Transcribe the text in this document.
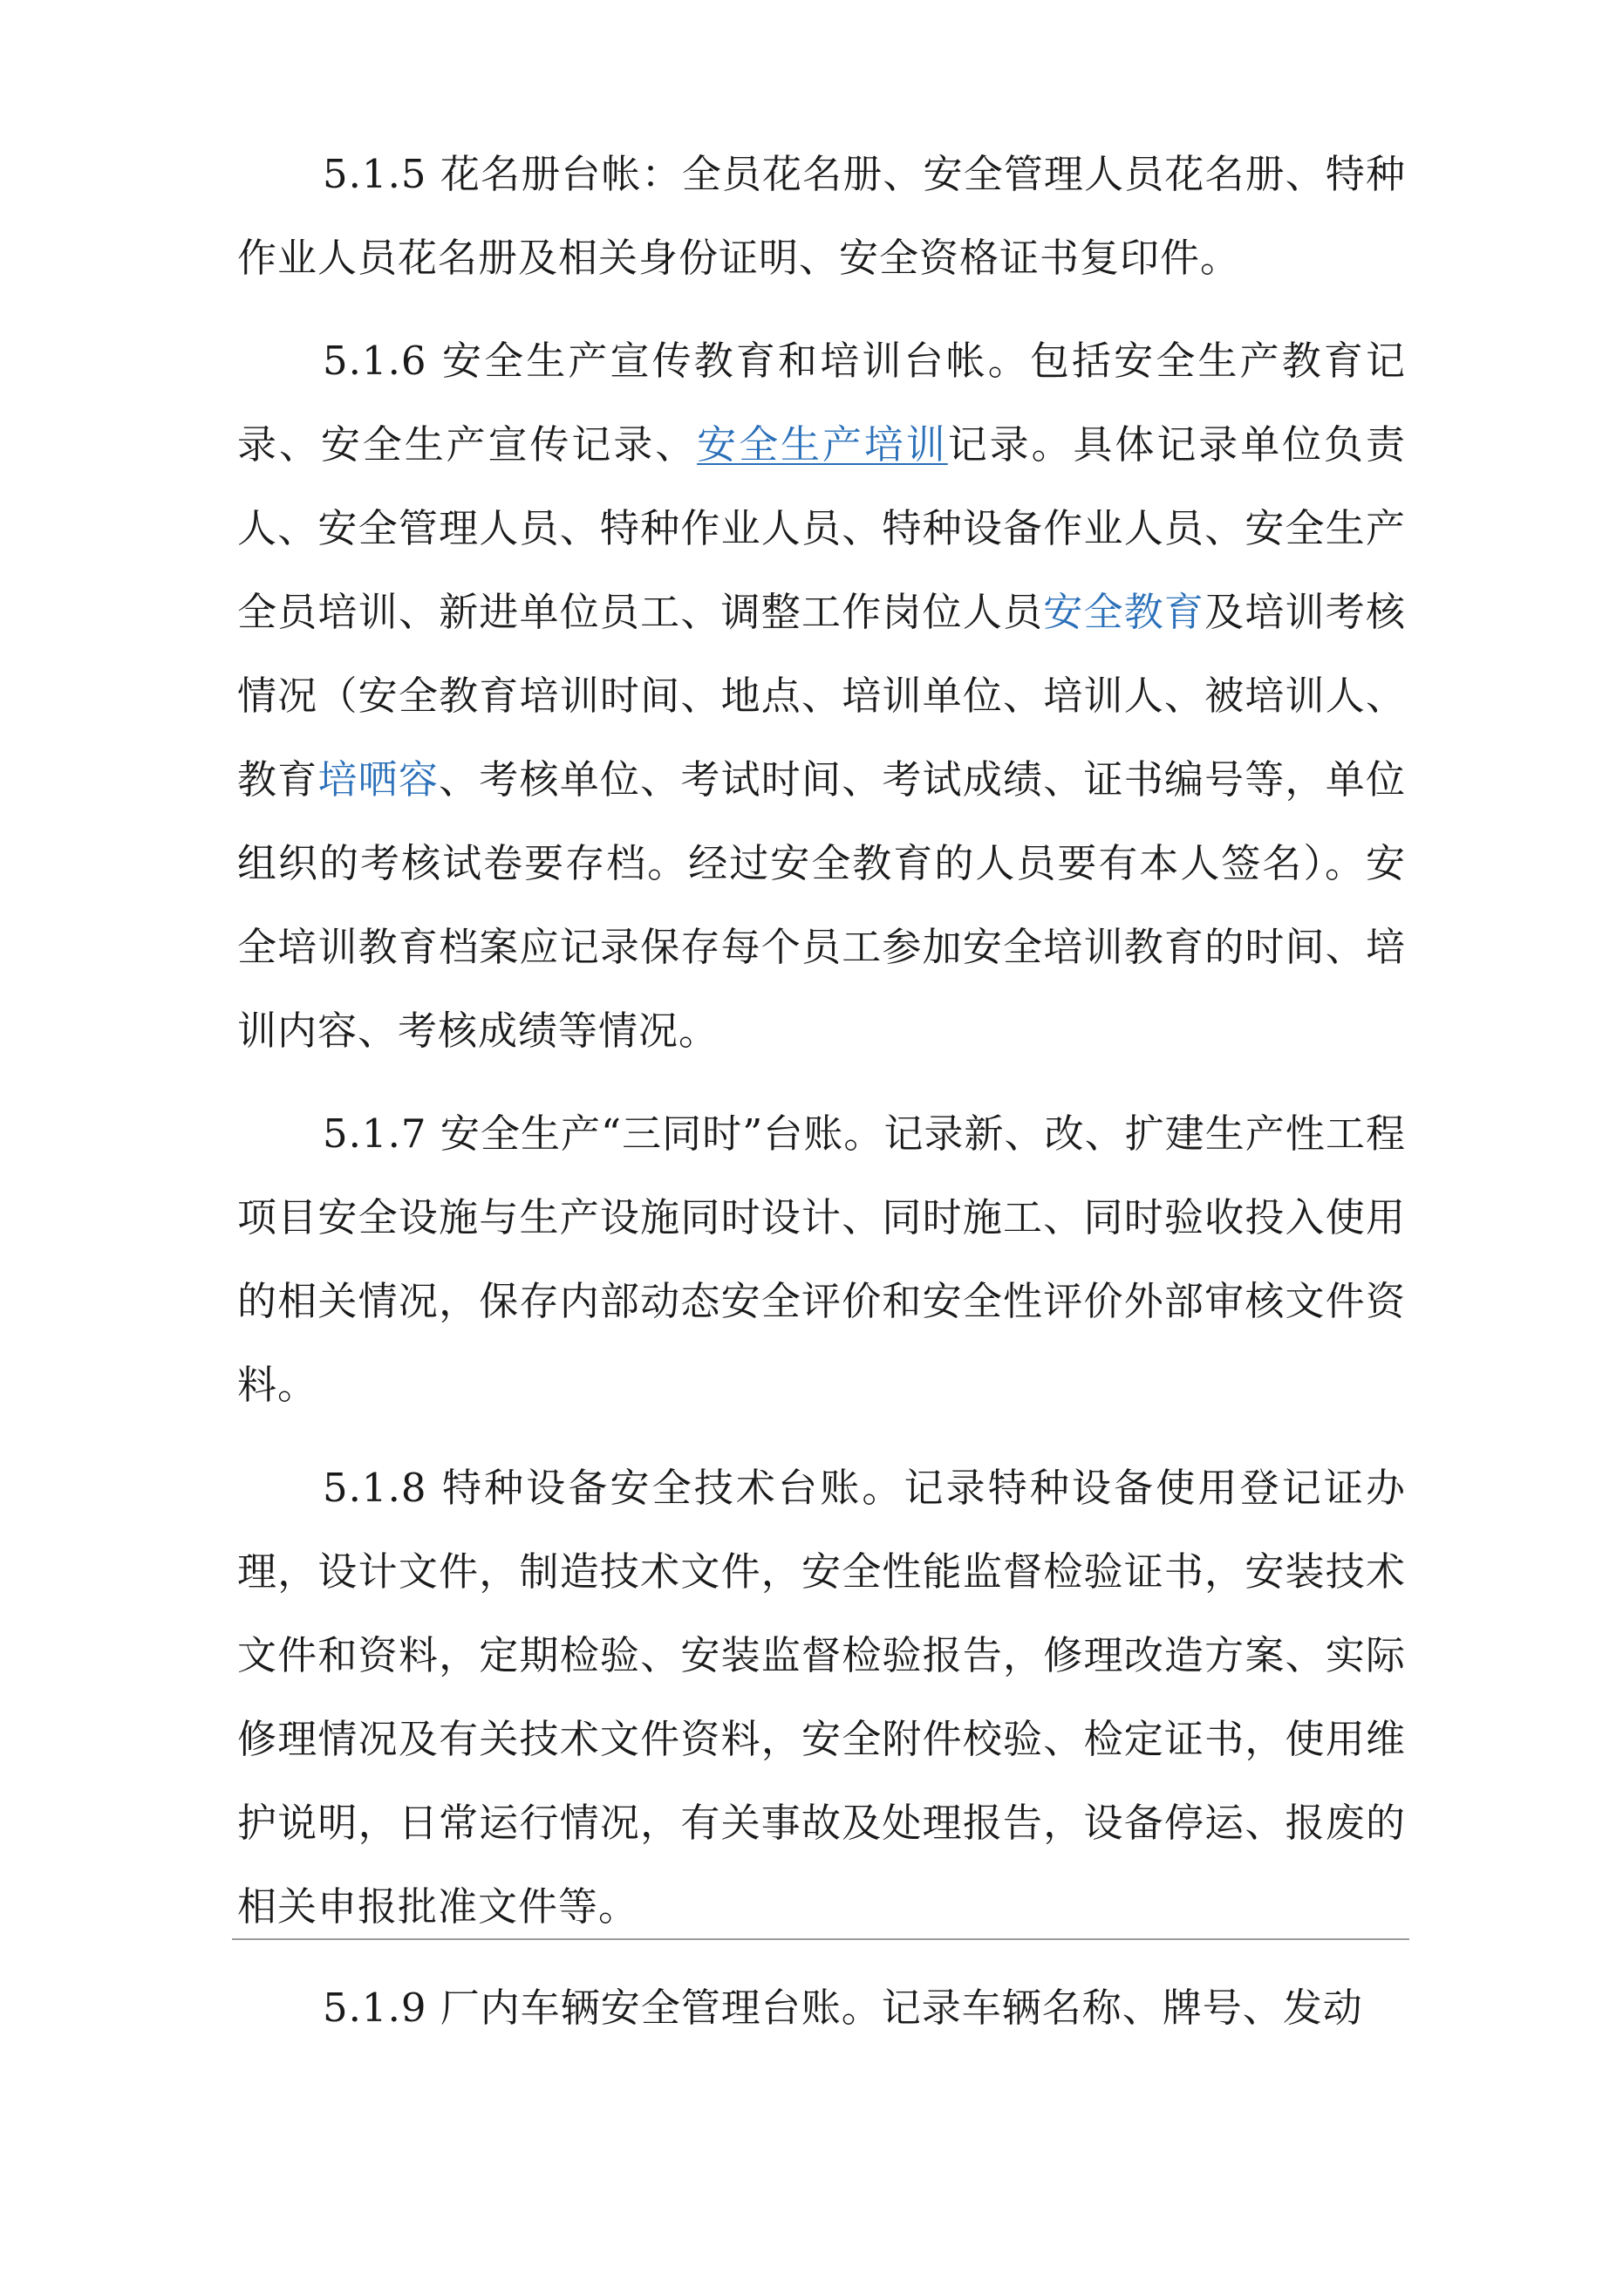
5.1.5 花名册台帐：全员花名册、安全管理人员花名册、特种作业人员花名册及相关身份证明、安全资格证书复印件。

5.1.6 安全生产宣传教育和培训台帐。包括安全生产教育记录、安全生产宣传记录、安全生产培训记录。具体记录单位负责人、安全管理人员、特种作业人员、特种设备作业人员、安全生产全员培训、新进单位员工、调整工作岗位人员安全教育及培训考核情况（安全教育培训时间、地点、培训单位、培训人、被培训人、教育培哂容、考核单位、考试时间、考试成绩、证书编号等，单位组织的考核试卷要存档。经过安全教育的人员要有本人签名）。安全培训教育档案应记录保存每个员工参加安全培训教育的时间、培训内容、考核成绩等情况。

5.1.7 安全生产“三同时”台账。记录新、改、扩建生产性工程项目安全设施与生产设施同时设计、同时施工、同时验收投入使用的相关情况，保存内部动态安全评价和安全性评价外部审核文件资料。

5.1.8 特种设备安全技术台账。记录特种设备使用登记证办理，设计文件，制造技术文件，安全性能监督检验证书，安装技术文件和资料，定期检验、安装监督检验报告，修理改造方案、实际修理情况及有关技术文件资料，安全附件校验、检定证书，使用维护说明，日常运行情况，有关事故及处理报告，设备停运、报废的相关申报批准文件等。

5.1.9 厂内车辆安全管理台账。记录车辆名称、牌号、发动
